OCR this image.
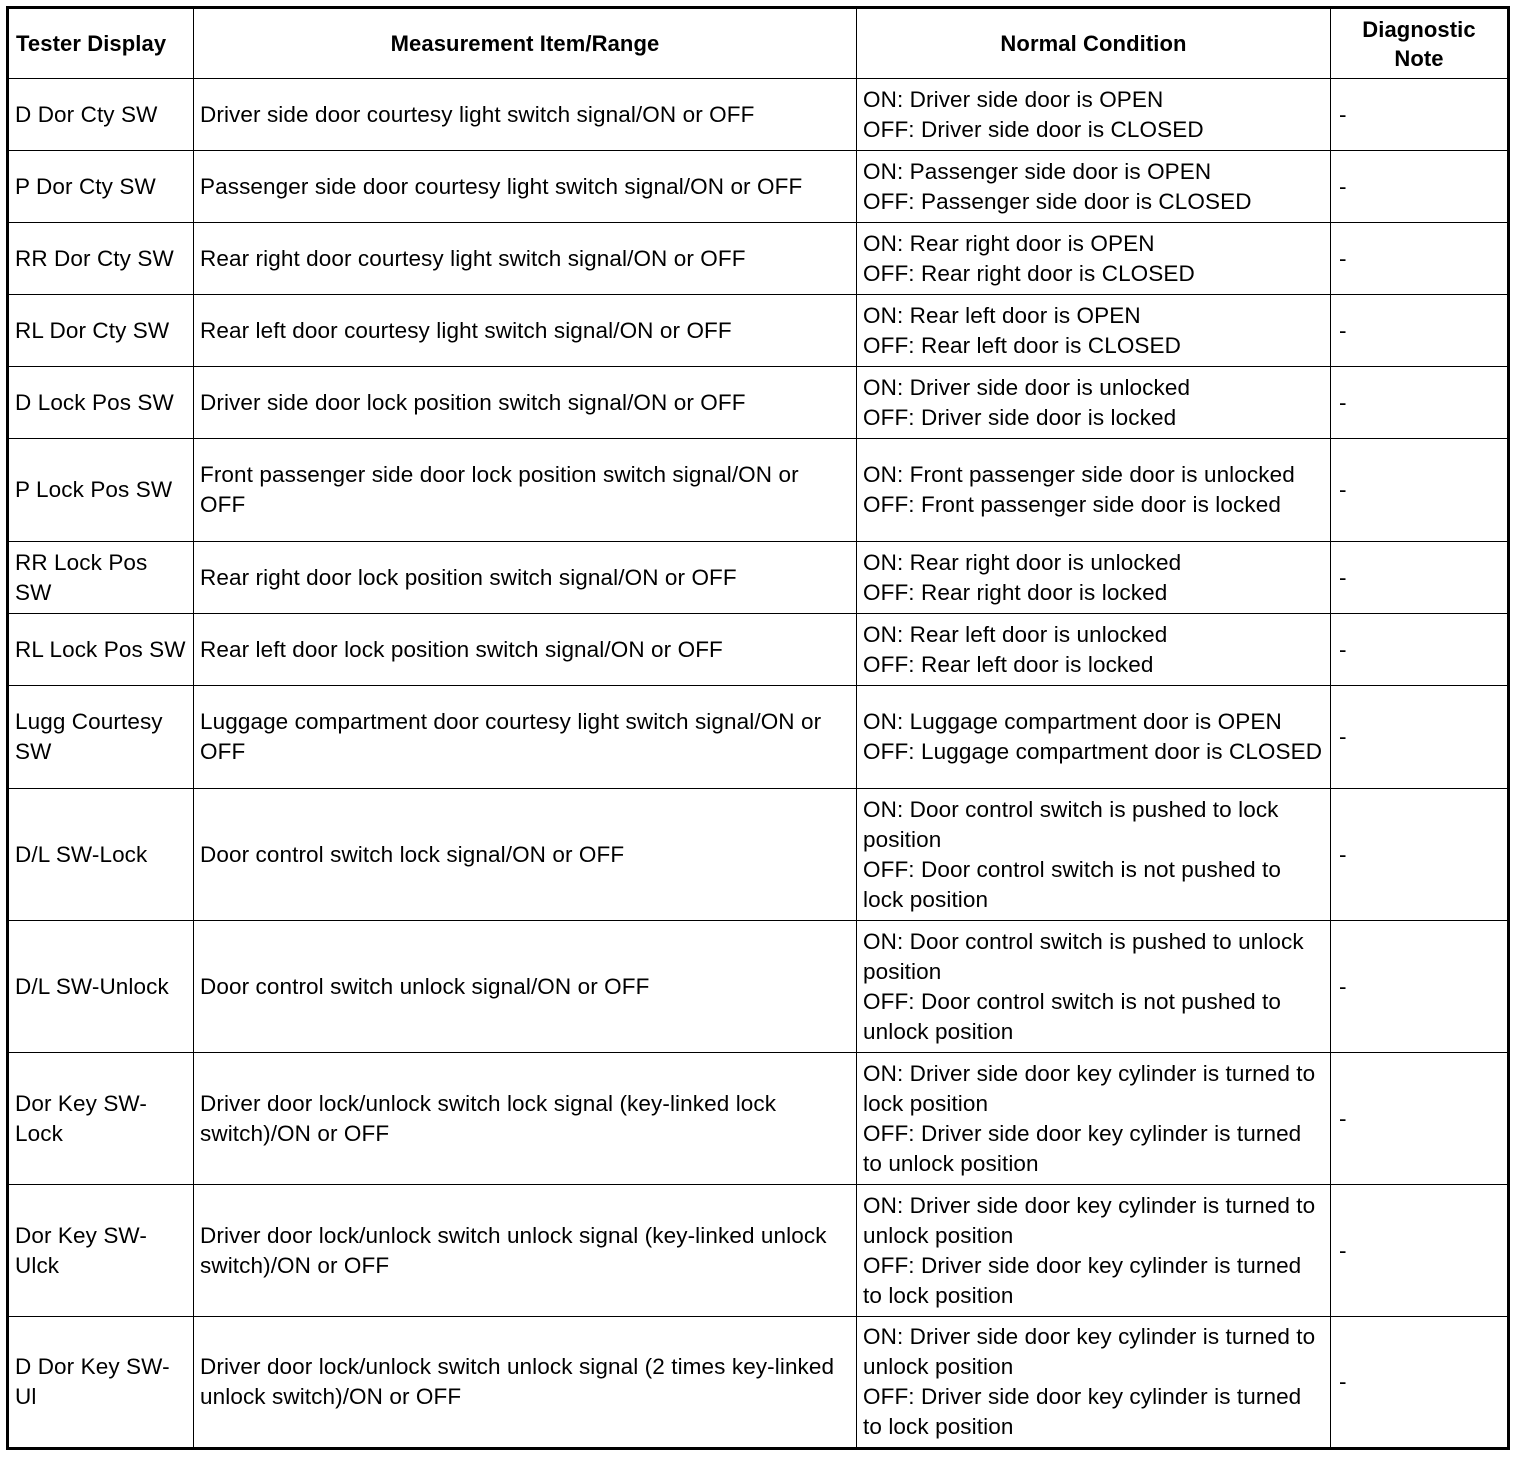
Tester Display	Measurement Item/Range	Normal Condition	Diagnostic
Note

D Dor Cty SW	Driver side door courtesy light switch signal/ON or OFF	ON: Driver side door is OPEN
OFF: Driver side door is CLOSED	-
P Dor Cty SW	Passenger side door courtesy light switch signal/ON or OFF	ON: Passenger side door is OPEN
OFF: Passenger side door is CLOSED	-
RR Dor Cty SW	Rear right door courtesy light switch signal/ON or OFF	ON: Rear right door is OPEN
OFF: Rear right door is CLOSED	-
RL Dor Cty SW	Rear left door courtesy light switch signal/ON or OFF	ON: Rear left door is OPEN
OFF: Rear left door is CLOSED	-
D Lock Pos SW	Driver side door lock position switch signal/ON or OFF	ON: Driver side door is unlocked
OFF: Driver side door is locked	-
P Lock Pos SW	Front passenger side door lock position switch signal/ON or OFF	ON: Front passenger side door is unlocked
OFF: Front passenger side door is locked	-
RR Lock Pos SW	Rear right door lock position switch signal/ON or OFF	ON: Rear right door is unlocked
OFF: Rear right door is locked	-
RL Lock Pos SW	Rear left door lock position switch signal/ON or OFF	ON: Rear left door is unlocked
OFF: Rear left door is locked	-
Lugg Courtesy SW	Luggage compartment door courtesy light switch signal/ON or OFF	ON: Luggage compartment door is OPEN
OFF: Luggage compartment door is CLOSED	-
D/L SW-Lock	Door control switch lock signal/ON or OFF	ON: Door control switch is pushed to lock position
OFF: Door control switch is not pushed to lock position	-
D/L SW-Unlock	Door control switch unlock signal/ON or OFF	ON: Door control switch is pushed to unlock position
OFF: Door control switch is not pushed to unlock position	-
Dor Key SW-Lock	Driver door lock/unlock switch lock signal (key-linked lock switch)/ON or OFF	ON: Driver side door key cylinder is turned to lock position
OFF: Driver side door key cylinder is turned to unlock position	-
Dor Key SW-Ulck	Driver door lock/unlock switch unlock signal (key-linked unlock switch)/ON or OFF	ON: Driver side door key cylinder is turned to unlock position
OFF: Driver side door key cylinder is turned to lock position	-
D Dor Key SW-Ul	Driver door lock/unlock switch unlock signal (2 times key-linked unlock switch)/ON or OFF	ON: Driver side door key cylinder is turned to unlock position
OFF: Driver side door key cylinder is turned to lock position	-
